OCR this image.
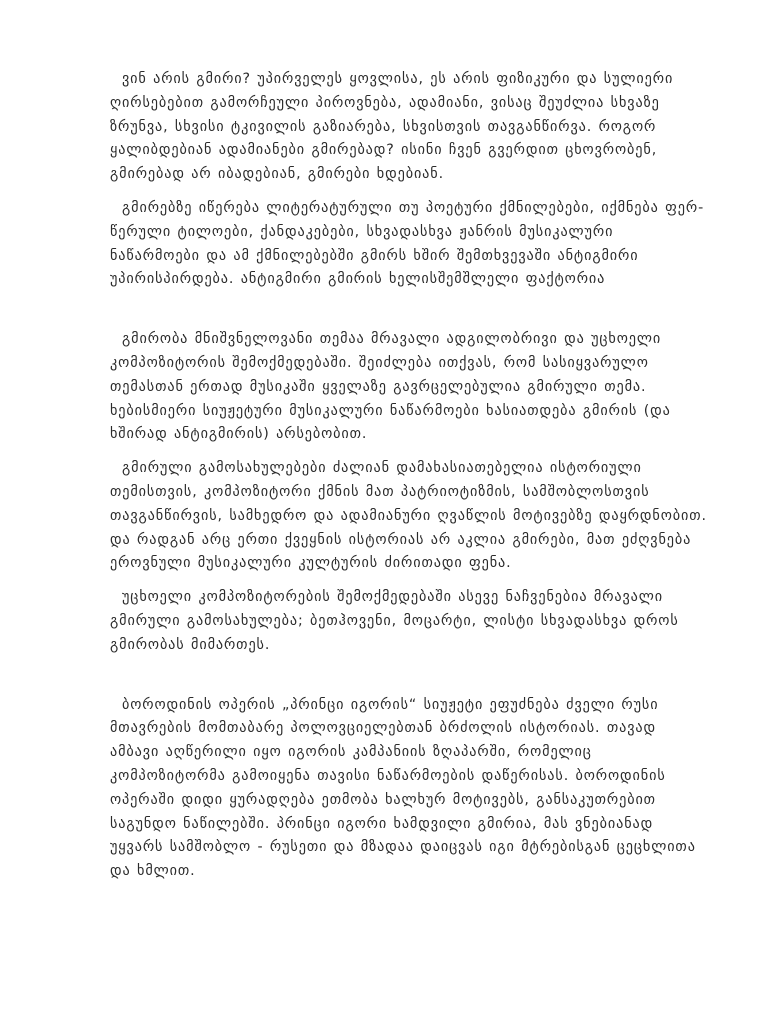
ვინ არის გმირი? უპირველეს ყოვლისა, ეს არის ფიზიკური და სულიერი ღირსებებით გამორჩეული პიროვნება, ადამიანი, ვისაც შეუძლია სხვაზე ზრუნვა, სხვისი ტკივილის გაზიარება, სხვისთვის თავგანწირვა. როგორ ყალიბდებიან ადამიანები გმირებად? ისინი ჩვენ გვერდით ცხოვრობენ, გმირებად არ იბადებიან, გმირები ხდებიან.

გმირებზე იწერება ლიტერატურული თუ პოეტური ქმნილებები, იქმნება ფერ- წერული ტილოები, ქანდაკებები, სხვადასხვა ჟანრის მუსიკალური ნაწარმოები და ამ ქმნილებებში გმირს ხშირ შემთხვევაში ანტიგმირი უპირისპირდება. ანტიგმირი გმირის ხელისშემშლელი ფაქტორია

გმირობა მნიშვნელოვანი თემაა მრავალი ადგილობრივი და უცხოელი კომპოზიტორის შემოქმედებაში. შეიძლება ითქვას, რომ სასიყვარულო თემასთან ერთად მუსიკაში ყველაზე გავრცელებულია გმირული თემა. ხებისმიერი სიუჟეტური მუსიკალური ნაწარმოები ხასიათდება გმირის (და ხშირად ანტიგმირის) არსებობით.

გმირული გამოსახულებები ძალიან დამახასიათებელია ისტორიული თემისთვის, კომპოზიტორი ქმნის მათ პატრიოტიზმის, სამშობლოსთვის თავგანწირვის, სამხედრო და ადამიანური ღვაწლის მოტივებზე დაყრდნობით. და რადგან არც ერთი ქვეყნის ისტორიას არ აკლია გმირები, მათ ეძღვნება ეროვნული მუსიკალური კულტურის ძირითადი ფენა.

უცხოელი კომპოზიტორების შემოქმედებაში ასევე ნაჩვენებია მრავალი გმირული გამოსახულება; ბეთჰოვენი, მოცარტი, ლისტი სხვადასხვა დროს გმირობას მიმართეს.

ბოროდინის ოპერის „პრინცი იგორის“ სიუჟეტი ეფუძნება ძველი რუსი მთავრების მომთაბარე პოლოვციელებთან ბრძოლის ისტორიას. თავად ამბავი აღწერილი იყო იგორის კამპანიის ზღაპარში, რომელიც კომპოზიტორმა გამოიყენა თავისი ნაწარმოების დაწერისას. ბოროდინის ოპერაში დიდი ყურადღება ეთმობა ხალხურ მოტივებს, განსაკუთრებით საგუნდო ნაწილებში. პრინცი იგორი ხამდვილი გმირია, მას ვნებიანად უყვარს სამშობლო - რუსეთი და მზადაა დაიცვას იგი მტრებისგან ცეცხლითა და ხმლით.
